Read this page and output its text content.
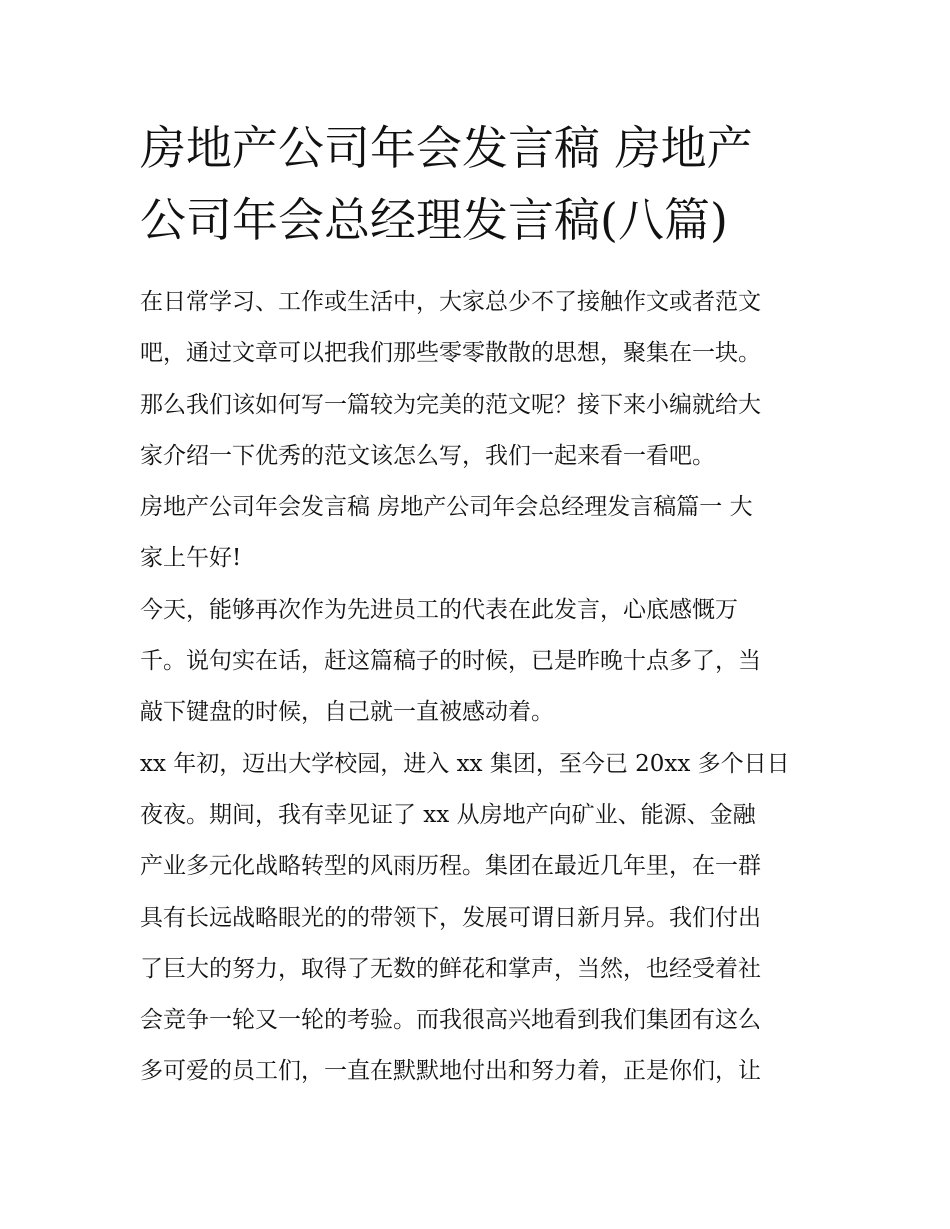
房地产公司年会发言稿 房地产
公司年会总经理发言稿(八篇)
在日常学习、工作或生活中，大家总少不了接触作文或者范文
吧，通过文章可以把我们那些零零散散的思想，聚集在一块。
那么我们该如何写一篇较为完美的范文呢？接下来小编就给大
家介绍一下优秀的范文该怎么写，我们一起来看一看吧。
房地产公司年会发言稿 房地产公司年会总经理发言稿篇一 大
家上午好!
今天，能够再次作为先进员工的代表在此发言，心底感慨万
千。说句实在话，赶这篇稿子的时候，已是昨晚十点多了，当
敲下键盘的时候，自己就一直被感动着。
xx 年初，迈出大学校园，进入 xx 集团，至今已 20xx 多个日日
夜夜。期间，我有幸见证了 xx 从房地产向矿业、能源、金融
产业多元化战略转型的风雨历程。集团在最近几年里，在一群
具有长远战略眼光的的带领下，发展可谓日新月异。我们付出
了巨大的努力，取得了无数的鲜花和掌声，当然，也经受着社
会竞争一轮又一轮的考验。而我很高兴地看到我们集团有这么
多可爱的员工们，一直在默默地付出和努力着，正是你们，让
